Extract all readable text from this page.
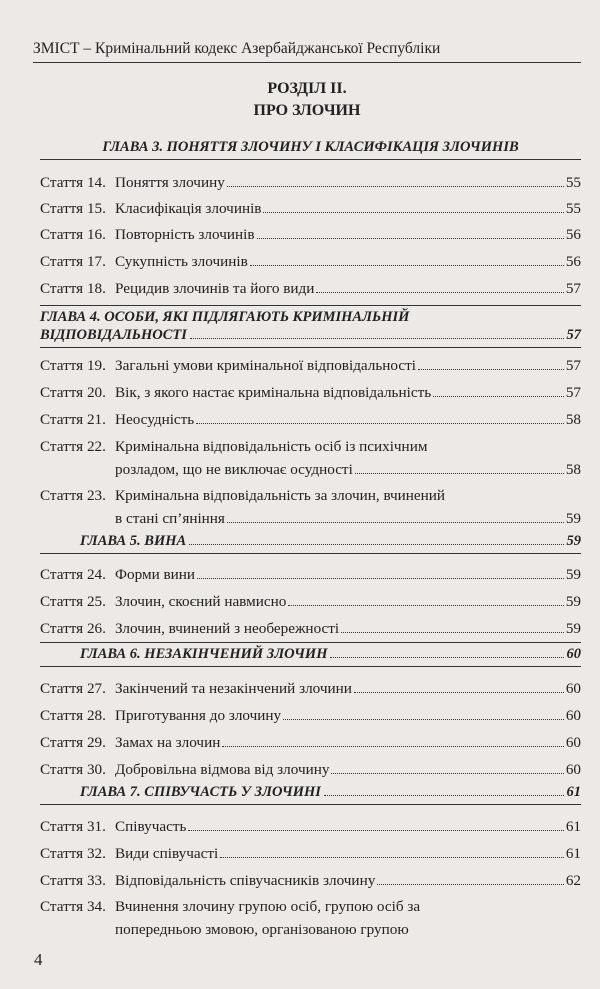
ЗМІСТ – Кримінальний кодекс Азербайджанської Республіки
РОЗДІЛ ІІ.
ПРО ЗЛОЧИН
ГЛАВА 3. ПОНЯТТЯ ЗЛОЧИНУ І КЛАСИФІКАЦІЯ ЗЛОЧИНІВ
Стаття 14. Поняття злочину	55
Стаття 15. Класифікація злочинів	55
Стаття 16. Повторність злочинів	56
Стаття 17. Сукупність злочинів	56
Стаття 18. Рецидив злочинів та його види	57
ГЛАВА 4. ОСОБИ, ЯКІ ПІДЛЯГАЮТЬ КРИМІНАЛЬНІЙ
ВІДПОВІДАЛЬНОСТІ	57
Стаття 19. Загальні умови кримінальної відповідальності	57
Стаття 20. Вік, з якого настає кримінальна відповідальність	57
Стаття 21. Неосудність	58
Стаття 22. Кримінальна відповідальність осіб із психічним
розладом, що не виключає осудності	58
Стаття 23. Кримінальна відповідальність за злочин, вчинений
в стані сп’яніння	59
ГЛАВА 5. ВИНА	59
Стаття 24. Форми вини	59
Стаття 25. Злочин, скоєний навмисно	59
Стаття 26. Злочин, вчинений з необережності	59
ГЛАВА 6. НЕЗАКІНЧЕНИЙ ЗЛОЧИН	60
Стаття 27. Закінчений та незакінчений злочини	60
Стаття 28. Приготування до злочину	60
Стаття 29. Замах на злочин	60
Стаття 30. Добровільна відмова від злочину	60
ГЛАВА 7. СПІВУЧАСТЬ У ЗЛОЧИНІ	61
Стаття 31. Співучасть	61
Стаття 32. Види співучасті	61
Стаття 33. Відповідальність співучасників злочину	62
Стаття 34. Вчинення злочину групою осіб, групою осіб за
попередньою змовою, організованою групою
4
